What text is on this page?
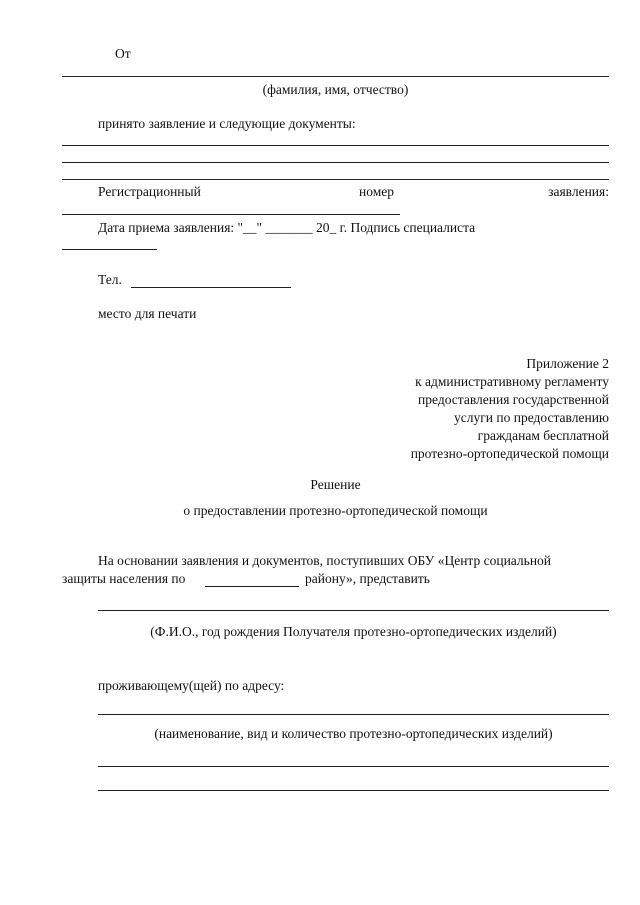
От
(фамилия, имя, отчество)
принято заявление и следующие документы:
Регистрационный	номер	заявления:
Дата приема заявления: "__" _______ 20_ г. Подпись специалиста
Тел.
место для печати
Приложение 2
к административному регламенту
предоставления государственной
услуги по предоставлению
гражданам бесплатной
протезно-ортопедической помощи
Решение
о предоставлении протезно-ортопедической помощи
На основании заявления и документов, поступивших ОБУ «Центр социальной
защиты населения по	району», представить
(Ф.И.О., год рождения Получателя протезно-ортопедических изделий)
проживающему(щей) по адресу:
(наименование, вид и количество протезно-ортопедических изделий)
